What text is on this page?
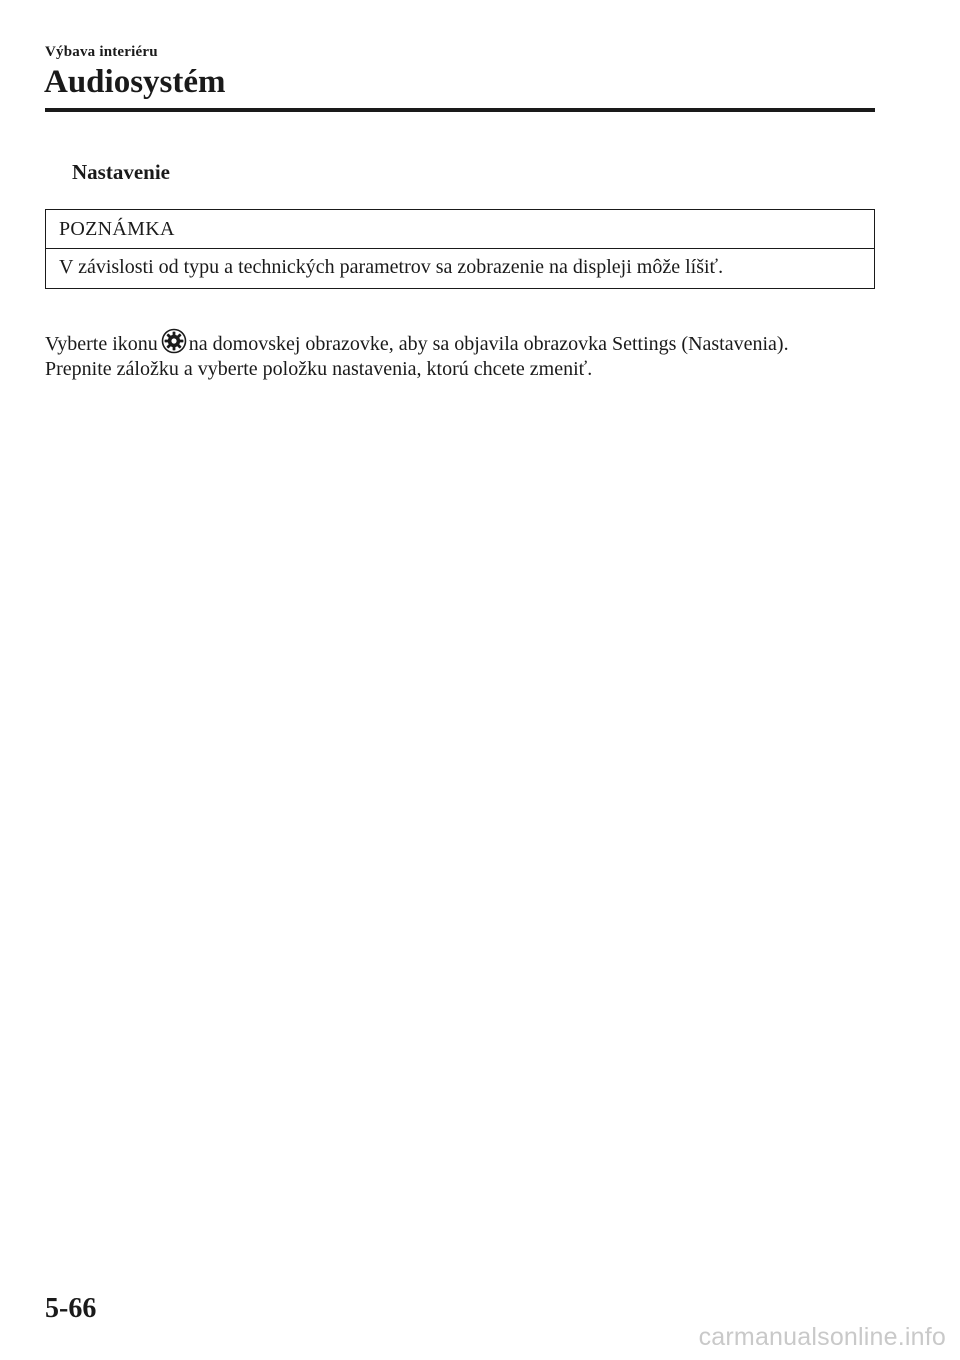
Výbava interiéru
Audiosystém
Nastavenie
POZNÁMKA
V závislosti od typu a technických parametrov sa zobrazenie na displeji môže líšiť.
Vyberte ikonu na domovskej obrazovke, aby sa objavila obrazovka Settings (Nastavenia).
Prepnite záložku a vyberte položku nastavenia, ktorú chcete zmeniť.
5-66
carmanualsonline.info
